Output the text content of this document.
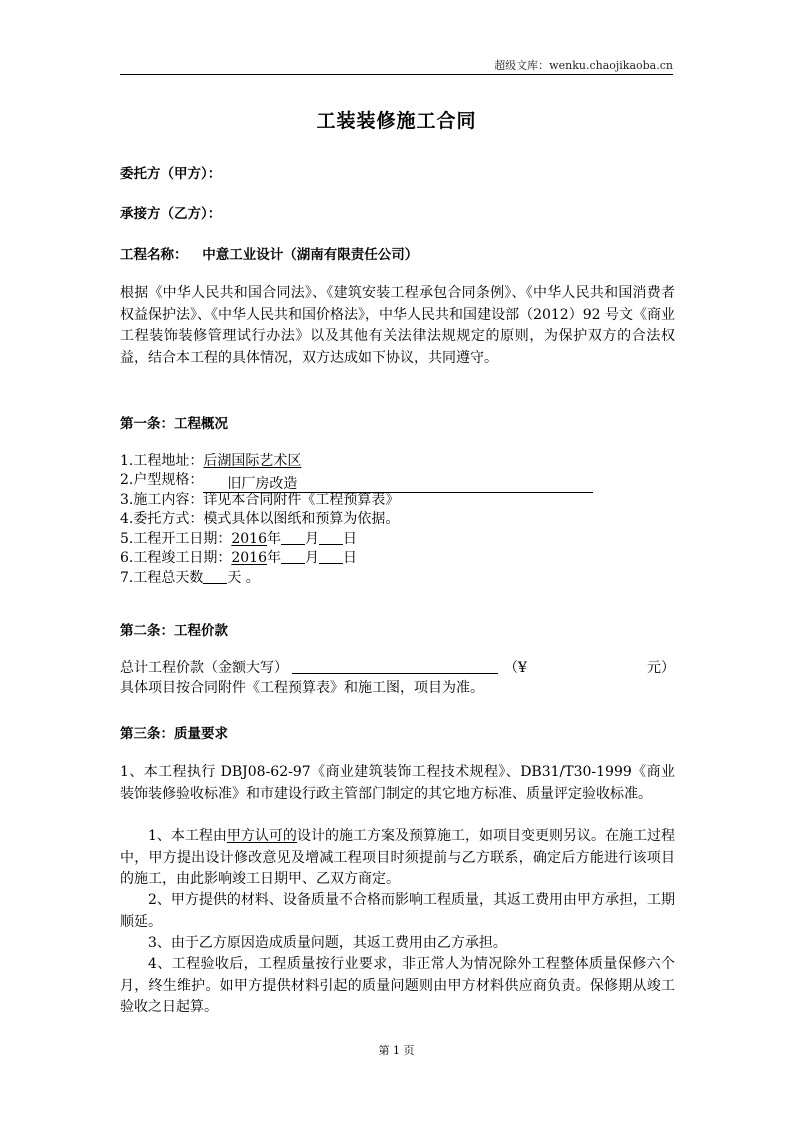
超级文库：wenku.chaojikaoba.cn
工装装修施工合同
委托方（甲方）：
承接方（乙方）：
工程名称： 中意工业设计（湖南有限责任公司）
根据《中华人民共和国合同法》、《建筑安装工程承包合同条例》、《中华人民共和国消费者权益保护法》、《中华人民共和国价格法》，中华人民共和国建设部（2012）92 号文《商业工程装饰装修管理试行办法》以及其他有关法律法规规定的原则，为保护双方的合法权益，结合本工程的具体情况，双方达成如下协议，共同遵守。
第一条：工程概况
1.工程地址：后湖国际艺术区
2.户型规格： 旧厂房改造
3.施工内容：详见本合同附件《工程预算表》
4.委托方式：模式具体以图纸和预算为依据。
5.工程开工日期：2016年 月 日
6.工程竣工日期：2016年 月 日
7.工程总天数 天 。
第二条：工程价款
总计工程价款（金额大写）	（¥	元）
具体项目按合同附件《工程预算表》和施工图，项目为准。
第三条：质量要求
1、本工程执行 DBJ08-62-97《商业建筑装饰工程技术规程》、DB31/T30-1999《商业装饰装修验收标准》和市建设行政主管部门制定的其它地方标准、质量评定验收标准。
1、本工程由甲方认可的设计的施工方案及预算施工，如项目变更则另议。在施工过程中，甲方提出设计修改意见及增减工程项目时须提前与乙方联系，确定后方能进行该项目的施工，由此影响竣工日期甲、乙双方商定。
2、甲方提供的材料、设备质量不合格而影响工程质量，其返工费用由甲方承担，工期顺延。
3、由于乙方原因造成质量问题，其返工费用由乙方承担。
4、工程验收后，工程质量按行业要求，非正常人为情况除外工程整体质量保修六个月，终生维护。如甲方提供材料引起的质量问题则由甲方材料供应商负责。保修期从竣工验收之日起算。
第 1 页
